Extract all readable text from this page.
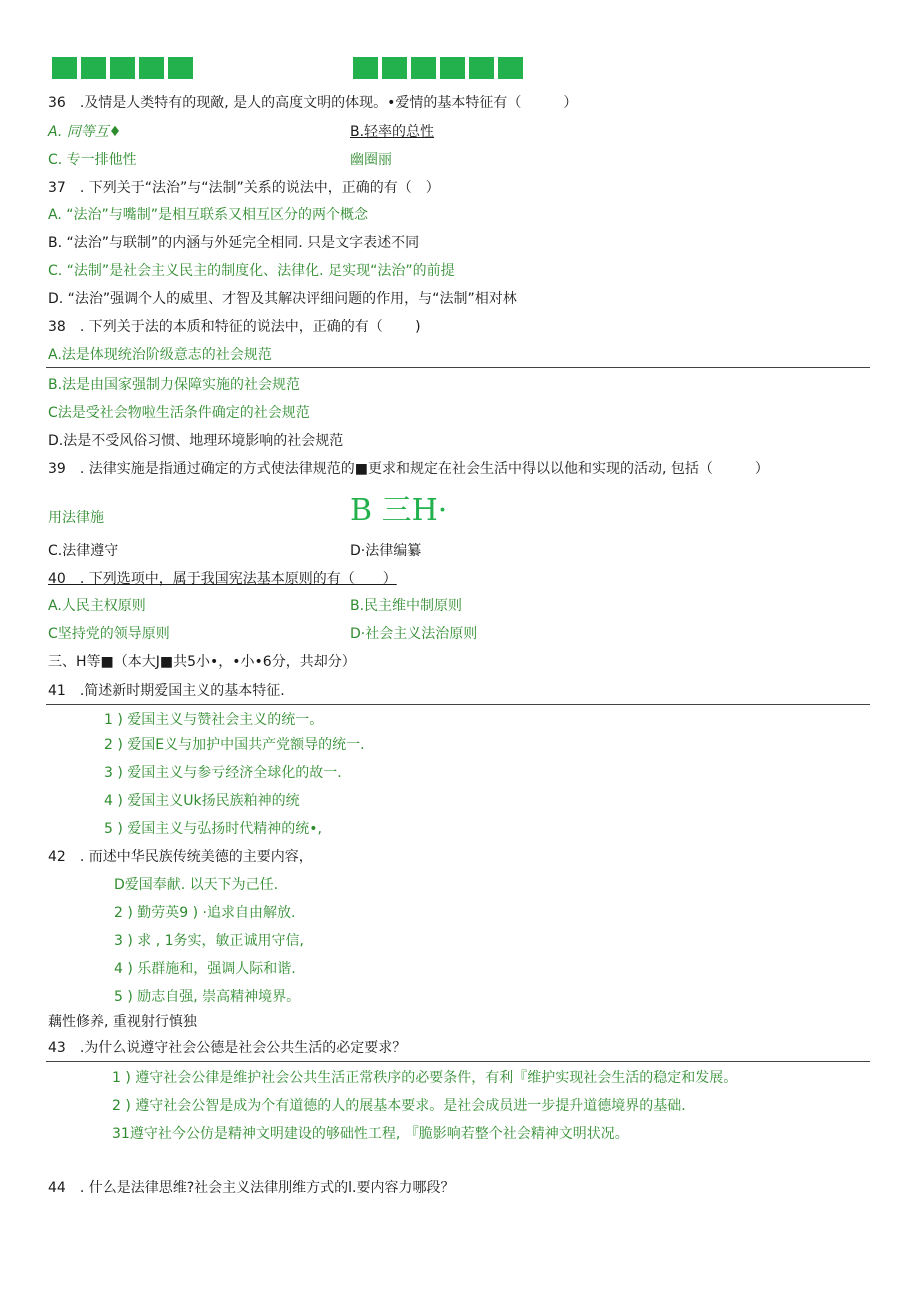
36　.及情是人类特有的现敵, 是人的高度文明的体现。•爱情的基本特征有（　　　）
A. 同等互♦	B.轻率的总性
C. 专一排他性	幽圈丽
37　. 下列关于“法治”与“法制”关系的说法中，正确的有（　）
A. “法治”与嘴制”是相互联系又相互区分的两个概念
B. “法治”与联制”的内涵与外延完全相同. 只是文字表述不同
C. “法制”是社会主义民主的制度化、法律化. 足实现“法治”的前提
D. “法治”强调个人的威里、才智及其解决评细问题的作用，与“法制”相对林
38　. 下列关于法的本质和特征的说法中，正确的有（　　 )
A.法是体现统治阶级意志的社会规范
B.法是由国家强制力保障实施的社会规范
C法是受社会物啦生活条件确定的社会规范
D.法是不受风俗习惯、地理环境影响的社会规范
39　. 法律实施是指通过确定的方式使法律规范的■更求和规定在社会生活中得以以他和实现的活动, 包括（　　　）
用法律施	B 三H·
C.法律遵守	D·法律编纂
40　. 下列选项中，属于我国宪法基本原则的有（　　）
A.人民主权原则	B.民主维中制原则
C坚持党的领导原则	D·社会主义法治原则
三、H等■（本大J■共5小•，•小•6分，共却分）
41　.简述新时期爱国主义的基本特征.
1 ) 爱国主义与赞社会主义的统一。
2 ) 爱国E义与加护中国共产党额导的统一.
3 ) 爱国主义与参亏经济全球化的故一.
4 ) 爱国主义Uk扬民族粕神的统
5 ) 爱国主义与弘扬时代精神的统•,
42　. 而述中华民族传统美德的主要内容，
D爱国奉献. 以天下为己任.
2 ) 勤劳英9 ) ·追求自由解放.
3 ) 求 , 1务实，敏正诚用守信,
4 ) 乐群施和，强调人际和谐.
5 ) 励志自强, 崇高精神境界。
藕性修养, 重视射行慎独
43　.为什么说遵守社会公德是社会公共生活的必定要求？
1 ) 遵守社会公律是维护社会公共生活正常秩序的必要条件，有利『维护实现社会生活的稳定和发展。
2 ) 遵守社会公智是成为个有道德的人的展基本要求。是社会成员进一步提升道德境界的基础.
31遵守社今公仿是精神文明建设的够础性工程, 『脆影响若整个社会精神文明状况。
44　. 什么是法律思维?社会主义法律刖维方式的l.要内容力哪段？
